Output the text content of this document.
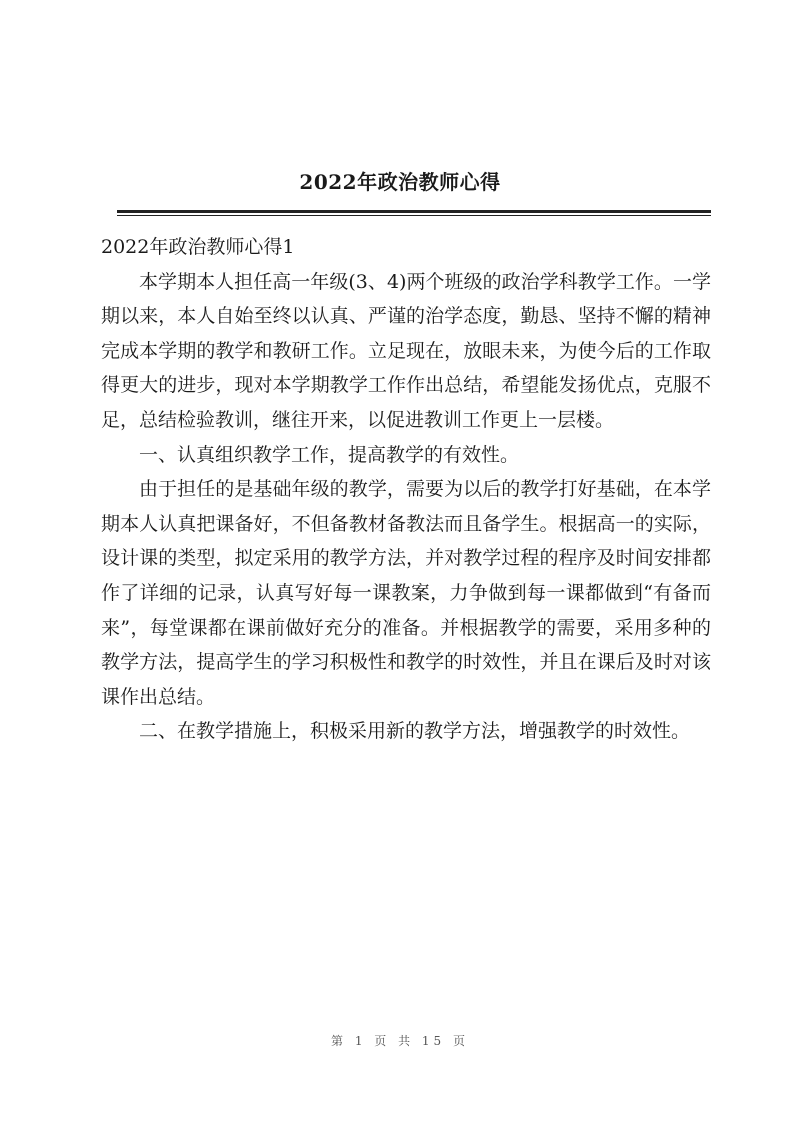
2022年政治教师心得

2022年政治教师心得1

本学期本人担任高一年级(3、4)两个班级的政治学科教学工作。一学期以来，本人自始至终以认真、严谨的治学态度，勤恳、坚持不懈的精神完成本学期的教学和教研工作。立足现在，放眼未来，为使今后的工作取得更大的进步，现对本学期教学工作作出总结，希望能发扬优点，克服不足，总结检验教训，继往开来，以促进教训工作更上一层楼。

一、认真组织教学工作，提高教学的有效性。

由于担任的是基础年级的教学，需要为以后的教学打好基础，在本学期本人认真把课备好，不但备教材备教法而且备学生。根据高一的实际，设计课的类型，拟定采用的教学方法，并对教学过程的程序及时间安排都作了详细的记录，认真写好每一课教案，力争做到每一课都做到“有备而来”，每堂课都在课前做好充分的准备。并根据教学的需要，采用多种的教学方法，提高学生的学习积极性和教学的时效性，并且在课后及时对该课作出总结。

二、在教学措施上，积极采用新的教学方法，增强教学的时效性。

第 1 页 共 15 页
